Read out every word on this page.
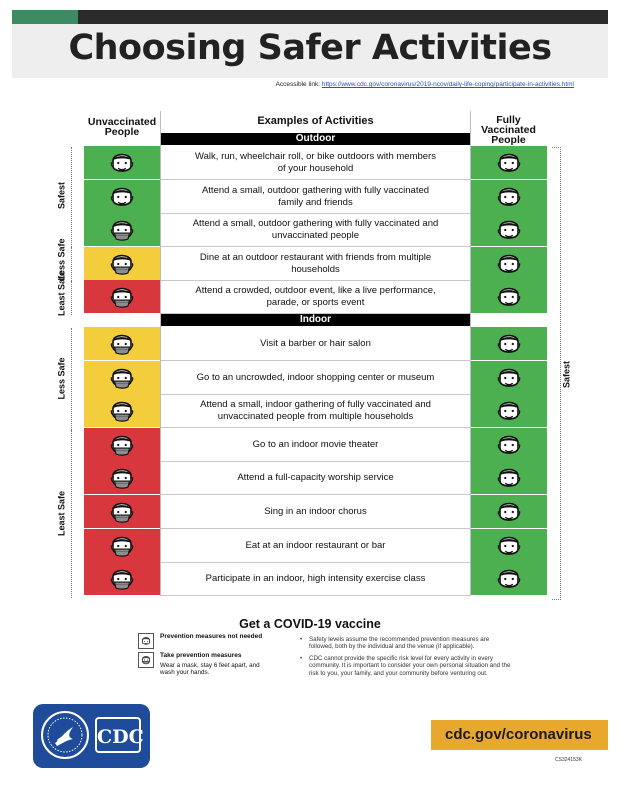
Choosing Safer Activities
Accessible link: https://www.cdc.gov/coronavirus/2019-ncov/daily-life-coping/participate-in-activities.html
Unvaccinated People
Examples of Activities	Fully Vaccinated People
Outdoor
Walk, run, wheelchair roll, or bike outdoors with members of your household
Attend a small, outdoor gathering with fully vaccinated family and friends
Attend a small, outdoor gathering with fully vaccinated and unvaccinated people
Dine at an outdoor restaurant with friends from multiple households
Attend a crowded, outdoor event, like a live performance, parade, or sports event
Indoor
Visit a barber or hair salon
Go to an uncrowded, indoor shopping center or museum
Attend a small, indoor gathering of fully vaccinated and unvaccinated people from multiple households
Go to an indoor movie theater
Attend a full-capacity worship service
Sing in an indoor chorus
Eat at an indoor restaurant or bar
Participate in an indoor, high intensity exercise class
Safest
Less Safe
Least Safe
Less Safe
Least Safe
Safest
Get a COVID-19 vaccine
Prevention measures not needed
Take prevention measures
Wear a mask, stay 6 feet apart, and wash your hands.
• Safety levels assume the recommended prevention measures are followed, both by the individual and the venue (if applicable).
• CDC cannot provide the specific risk level for every activity in every community. It is important to consider your own personal situation and the risk to you, your family, and your community before venturing out.
CDC	cdc.gov/coronavirus
CS324153K
